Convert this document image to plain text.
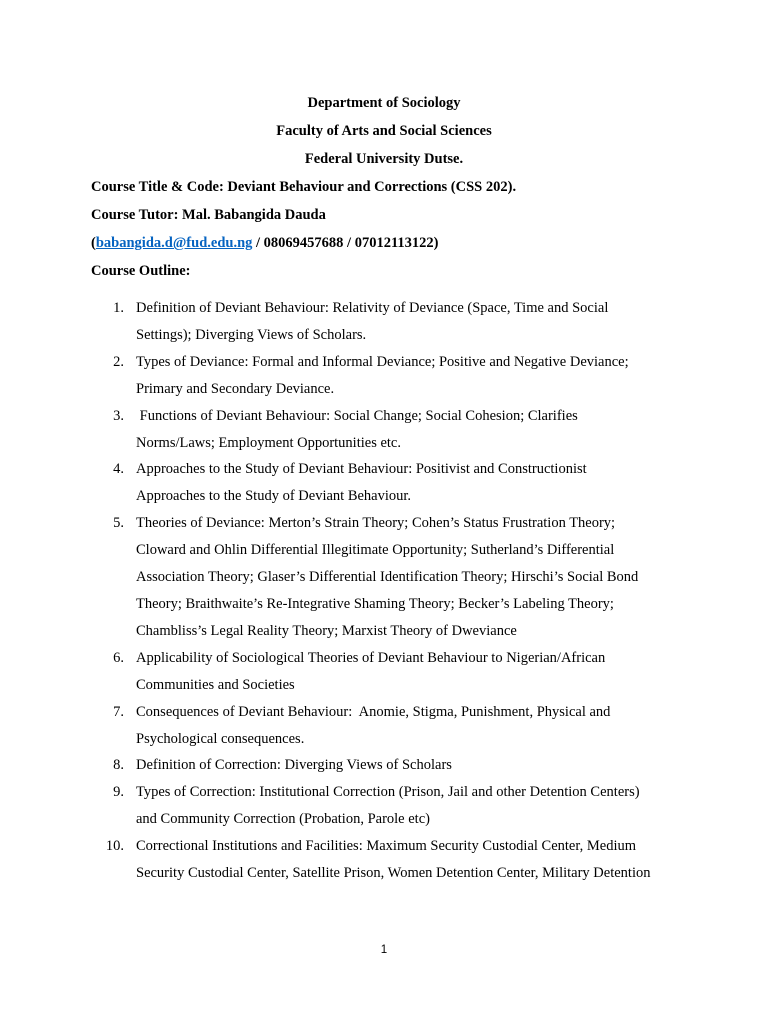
Department of Sociology
Faculty of Arts and Social Sciences
Federal University Dutse.
Course Title & Code: Deviant Behaviour and Corrections (CSS 202).
Course Tutor: Mal. Babangida Dauda
(babangida.d@fud.edu.ng / 08069457688 / 07012113122)
Course Outline:
1. Definition of Deviant Behaviour: Relativity of Deviance (Space, Time and Social
Settings); Diverging Views of Scholars.
2. Types of Deviance: Formal and Informal Deviance; Positive and Negative Deviance;
Primary and Secondary Deviance.
3. Functions of Deviant Behaviour: Social Change; Social Cohesion; Clarifies
Norms/Laws; Employment Opportunities etc.
4. Approaches to the Study of Deviant Behaviour: Positivist and Constructionist
Approaches to the Study of Deviant Behaviour.
5. Theories of Deviance: Merton’s Strain Theory; Cohen’s Status Frustration Theory;
Cloward and Ohlin Differential Illegitimate Opportunity; Sutherland’s Differential
Association Theory; Glaser’s Differential Identification Theory; Hirschi’s Social Bond
Theory; Braithwaite’s Re-Integrative Shaming Theory; Becker’s Labeling Theory;
Chambliss’s Legal Reality Theory; Marxist Theory of Dweviance
6. Applicability of Sociological Theories of Deviant Behaviour to Nigerian/African
Communities and Societies
7. Consequences of Deviant Behaviour:  Anomie, Stigma, Punishment, Physical and
Psychological consequences.
8. Definition of Correction: Diverging Views of Scholars
9. Types of Correction: Institutional Correction (Prison, Jail and other Detention Centers)
and Community Correction (Probation, Parole etc)
10. Correctional Institutions and Facilities: Maximum Security Custodial Center, Medium
Security Custodial Center, Satellite Prison, Women Detention Center, Military Detention
1
